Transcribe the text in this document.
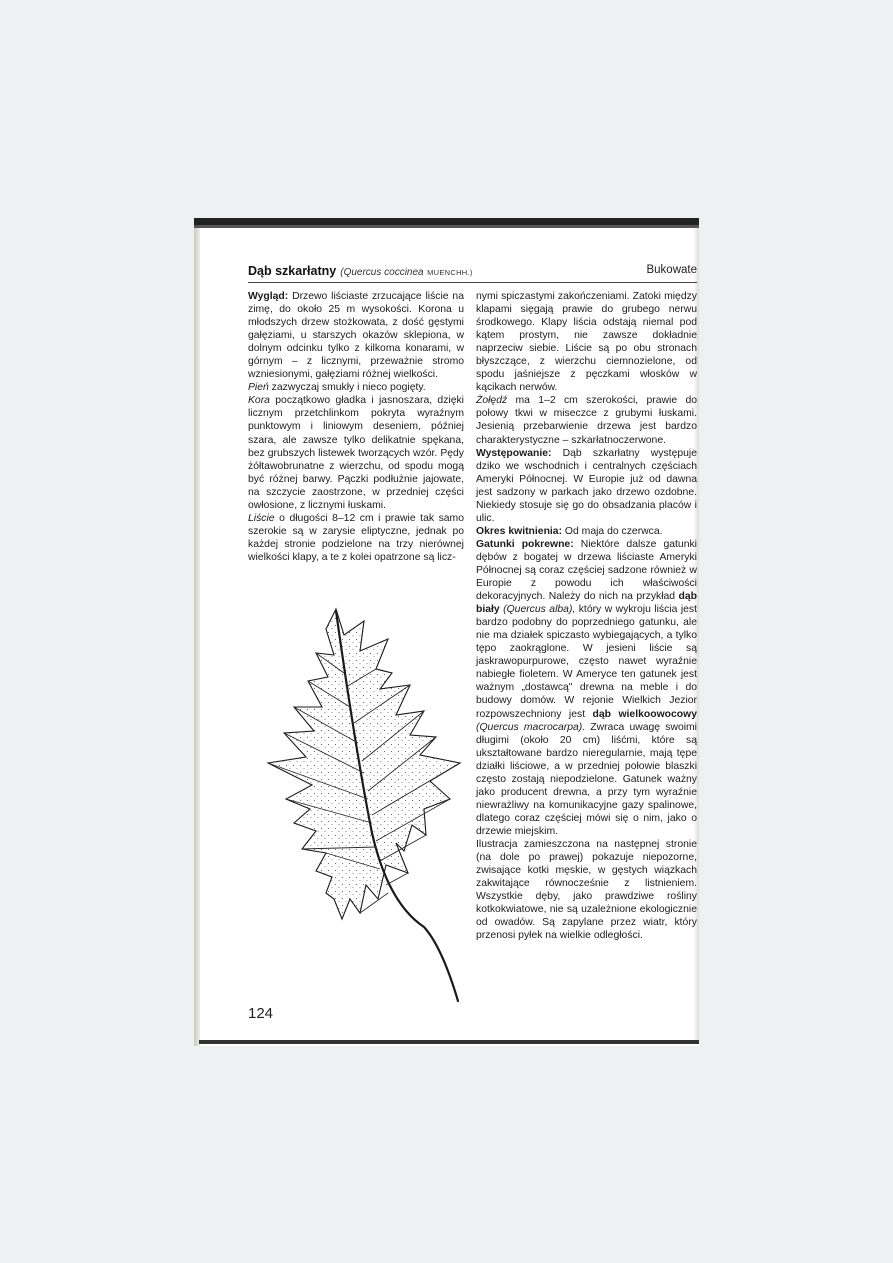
Dąb szkarłatny (Quercus coccinea MUENCHH.)	Bukowate

Wygląd: Drzewo liściaste zrzucające liście na zimę, do około 25 m wysokości. Korona u młodszych drzew stożkowata, z dość gęstymi gałęziami, u starszych okazów sklepiona, w dolnym odcinku tylko z kilkoma konarami, w górnym – z licznymi, przeważnie stromo wzniesionymi, gałęziami różnej wielkości.

Pień zazwyczaj smukły i nieco pogięty.

Kora początkowo gładka i jasnoszara, dzięki licznym przetchlinkom pokryta wyraźnym punktowym i liniowym deseniem, później szara, ale zawsze tylko delikatnie spękana, bez grubszych listewek tworzących wzór. Pędy żółtawobrunatne z wierzchu, od spodu mogą być różnej barwy. Pączki podłużnie jajowate, na szczycie zaostrzone, w przedniej części owłosione, z licznymi łuskami.

Liście o długości 8–12 cm i prawie tak samo szerokie są w zarysie eliptyczne, jednak po każdej stronie podzielone na trzy nierównej wielkości klapy, a te z kolei opatrzone są licz-

nymi spiczastymi zakończeniami. Zatoki między klapami sięgają prawie do grubego nerwu środkowego. Klapy liścia odstają niemal pod kątem prostym, nie zawsze dokładnie naprzeciw siebie. Liście są po obu stronach błyszczące, z wierzchu ciemnozielone, od spodu jaśniejsze z pęczkami włosków w kącikach nerwów.

Żołędź ma 1–2 cm szerokości, prawie do połowy tkwi w miseczce z grubymi łuskami. Jesienią przebarwienie drzewa jest bardzo charakterystyczne – szkarłatnoczerwone.

Występowanie: Dąb szkarłatny występuje dziko we wschodnich i centralnych częściach Ameryki Północnej. W Europie już od dawna jest sadzony w parkach jako drzewo ozdobne. Niekiedy stosuje się go do obsadzania placów i ulic.

Okres kwitnienia: Od maja do czerwca.

Gatunki pokrewne: Niektóre dalsze gatunki dębów z bogatej w drzewa liściaste Ameryki Północnej są coraz częściej sadzone również w Europie z powodu ich właściwości dekoracyjnych. Należy do nich na przykład dąb biały (Quercus alba), który w wykroju liścia jest bardzo podobny do poprzedniego gatunku, ale nie ma działek spiczasto wybiegających, a tylko tępo zaokrąglone. W jesieni liście są jaskrawopurpurowe, często nawet wyraźnie nabiegłe fioletem. W Ameryce ten gatunek jest ważnym „dostawcą" drewna na meble i do budowy domów. W rejonie Wielkich Jezior rozpowszechniony jest dąb wielkoowocowy (Quercus macrocarpa). Zwraca uwagę swoimi długimi (około 20 cm) liśćmi, które są ukształtowane bardzo nieregularnie, mają tępe działki liściowe, a w przedniej połowie blaszki często zostają niepodzielone. Gatunek ważny jako producent drewna, a przy tym wyraźnie niewrażliwy na komunikacyjne gazy spalinowe, dlatego coraz częściej mówi się o nim, jako o drzewie miejskim.

Ilustracja zamieszczona na następnej stronie (na dole po prawej) pokazuje niepozorne, zwisające kotki męskie, w gęstych wiązkach zakwitające równocześnie z listnieniem. Wszystkie dęby, jako prawdziwe rośliny kotkokwiatowe, nie są uzależnione ekologicznie od owadów. Są zapylane przez wiatr, który przenosi pyłek na wielkie odległości.

124
